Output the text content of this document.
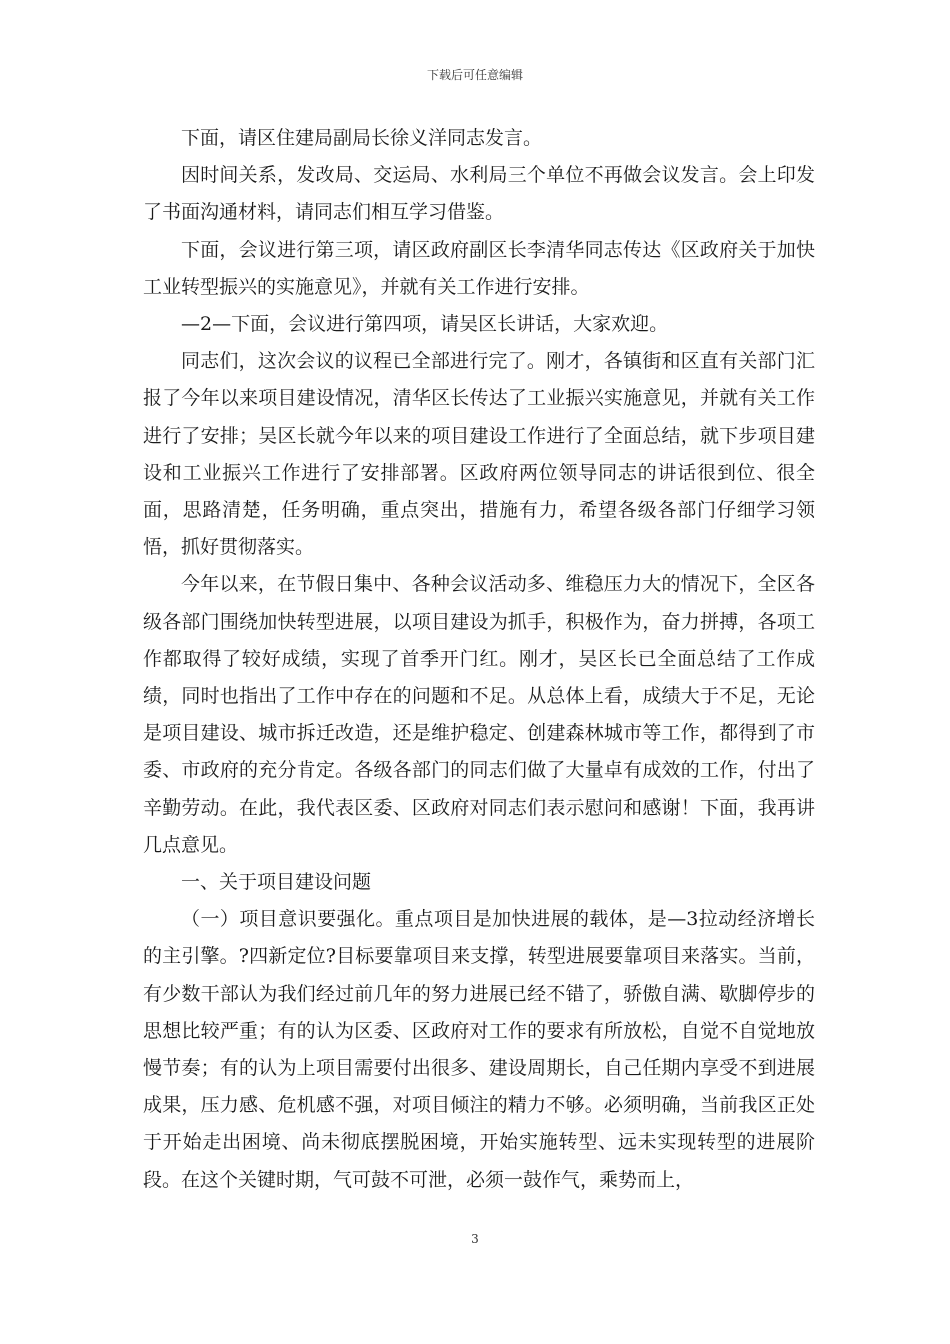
下载后可任意编辑

下面，请区住建局副局长徐义洋同志发言。

因时间关系，发改局、交运局、水利局三个单位不再做会议发言。会上印发了书面沟通材料，请同志们相互学习借鉴。

下面，会议进行第三项，请区政府副区长李清华同志传达《区政府关于加快工业转型振兴的实施意见》，并就有关工作进行安排。

—2—下面，会议进行第四项，请吴区长讲话，大家欢迎。

同志们，这次会议的议程已全部进行完了。刚才，各镇街和区直有关部门汇报了今年以来项目建设情况，清华区长传达了工业振兴实施意见，并就有关工作进行了安排；吴区长就今年以来的项目建设工作进行了全面总结，就下步项目建设和工业振兴工作进行了安排部署。区政府两位领导同志的讲话很到位、很全面，思路清楚，任务明确，重点突出，措施有力，希望各级各部门仔细学习领悟，抓好贯彻落实。

今年以来，在节假日集中、各种会议活动多、维稳压力大的情况下，全区各级各部门围绕加快转型进展，以项目建设为抓手，积极作为，奋力拼搏，各项工作都取得了较好成绩，实现了首季开门红。刚才，吴区长已全面总结了工作成绩，同时也指出了工作中存在的问题和不足。从总体上看，成绩大于不足，无论是项目建设、城市拆迁改造，还是维护稳定、创建森林城市等工作，都得到了市委、市政府的充分肯定。各级各部门的同志们做了大量卓有成效的工作，付出了辛勤劳动。在此，我代表区委、区政府对同志们表示慰问和感谢！下面，我再讲几点意见。

一、关于项目建设问题

（一）项目意识要强化。重点项目是加快进展的载体，是—3拉动经济增长的主引擎。?四新定位?目标要靠项目来支撑，转型进展要靠项目来落实。当前，有少数干部认为我们经过前几年的努力进展已经不错了，骄傲自满、歇脚停步的思想比较严重；有的认为区委、区政府对工作的要求有所放松，自觉不自觉地放慢节奏；有的认为上项目需要付出很多、建设周期长，自己任期内享受不到进展成果，压力感、危机感不强，对项目倾注的精力不够。必须明确，当前我区正处于开始走出困境、尚未彻底摆脱困境，开始实施转型、远未实现转型的进展阶段。在这个关键时期，气可鼓不可泄，必须一鼓作气，乘势而上，

3
